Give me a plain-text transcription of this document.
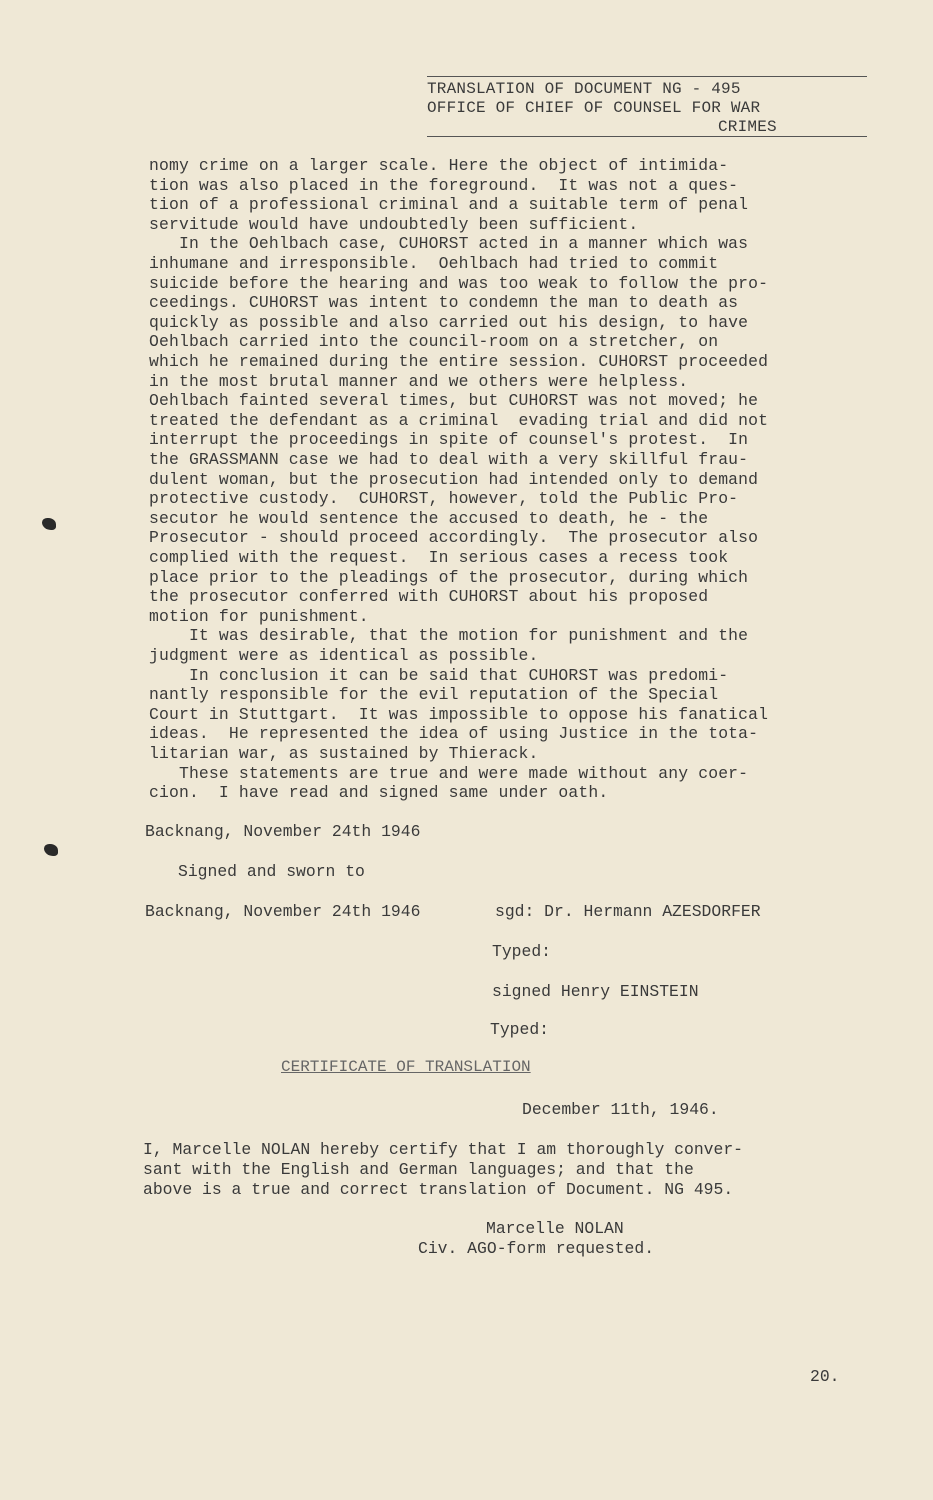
TRANSLATION OF DOCUMENT NG - 495
OFFICE OF CHIEF OF COUNSEL FOR WAR
CRIMES
nomy crime on a larger scale. Here the object of intimida-
tion was also placed in the foreground.  It was not a ques-
tion of a professional criminal and a suitable term of penal
servitude would have undoubtedly been sufficient.
In the Oehlbach case, CUHORST acted in a manner which was
inhumane and irresponsible.  Oehlbach had tried to commit
suicide before the hearing and was too weak to follow the pro-
ceedings. CUHORST was intent to condemn the man to death as
quickly as possible and also carried out his design, to have
Oehlbach carried into the council-room on a stretcher, on
which he remained during the entire session. CUHORST proceeded
in the most brutal manner and we others were helpless.
Oehlbach fainted several times, but CUHORST was not moved; he
treated the defendant as a criminal  evading trial and did not
interrupt the proceedings in spite of counsel's protest.  In
the GRASSMANN case we had to deal with a very skillful frau-
dulent woman, but the prosecution had intended only to demand
protective custody.  CUHORST, however, told the Public Pro-
secutor he would sentence the accused to death, he - the
Prosecutor - should proceed accordingly.  The prosecutor also
complied with the request.  In serious cases a recess took
place prior to the pleadings of the prosecutor, during which
the prosecutor conferred with CUHORST about his proposed
motion for punishment.
It was desirable, that the motion for punishment and the
judgment were as identical as possible.
In conclusion it can be said that CUHORST was predomi-
nantly responsible for the evil reputation of the Special
Court in Stuttgart.  It was impossible to oppose his fanatical
ideas.  He represented the idea of using Justice in the tota-
litarian war, as sustained by Thierack.
These statements are true and were made without any coer-
cion.  I have read and signed same under oath.
Backnang, November 24th 1946
Signed and sworn to
Backnang, November 24th 1946	sgd: Dr. Hermann AZESDORFER
Typed:
signed Henry EINSTEIN
Typed:
CERTIFICATE OF TRANSLATION
December 11th, 1946.
I, Marcelle NOLAN hereby certify that I am thoroughly conver-
sant with the English and German languages; and that the
above is a true and correct translation of Document. NG 495.
Marcelle NOLAN
Civ. AGO-form requested.
20.
